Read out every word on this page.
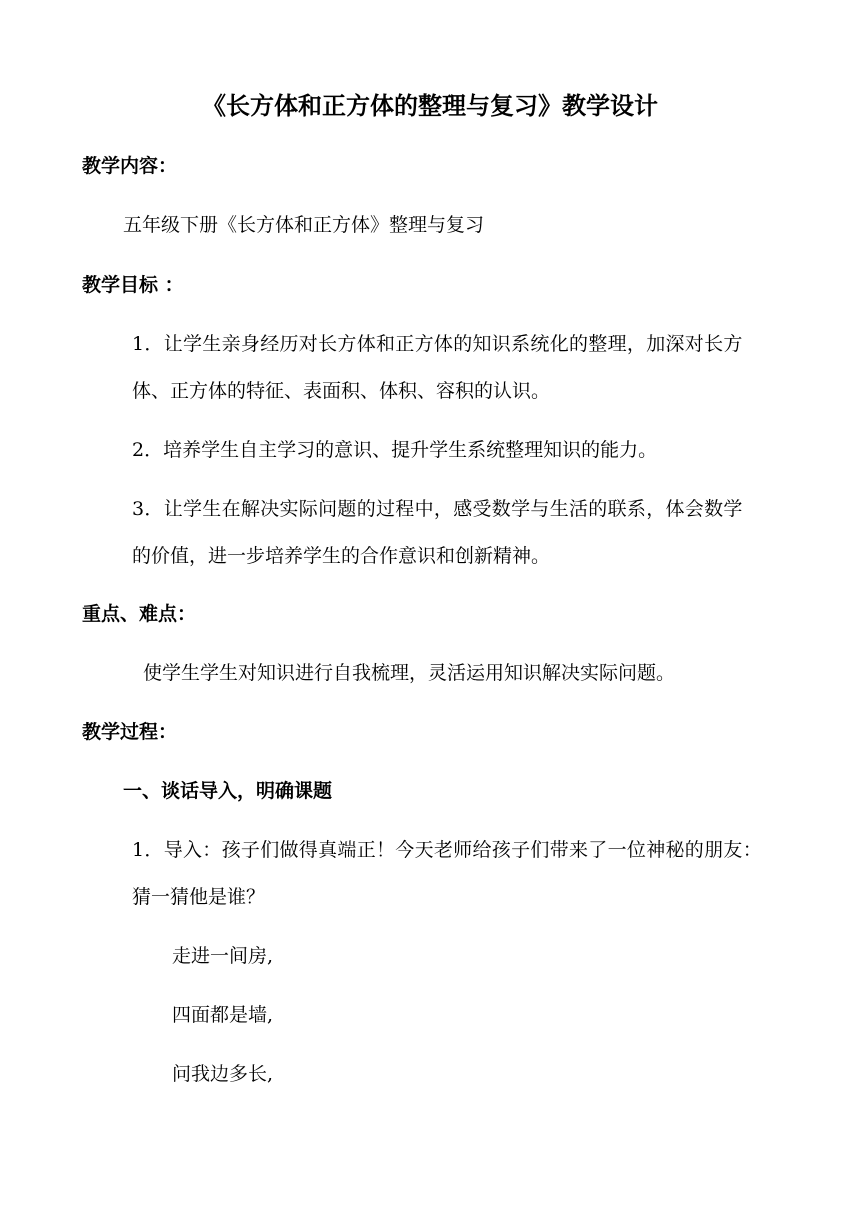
《长方体和正方体的整理与复习》教学设计
教学内容：
五年级下册《长方体和正方体》整理与复习
教学目标 ：
1．让学生亲身经历对长方体和正方体的知识系统化的整理，加深对长方
体、正方体的特征、表面积、体积、容积的认识。
2．培养学生自主学习的意识、提升学生系统整理知识的能力。
3．让学生在解决实际问题的过程中，感受数学与生活的联系，体会数学
的价值，进一步培养学生的合作意识和创新精神。
重点、难点：
使学生学生对知识进行自我梳理，灵活运用知识解决实际问题。
教学过程：
一、谈话导入，明确课题
1．导入：孩子们做得真端正！今天老师给孩子们带来了一位神秘的朋友：
猜一猜他是谁？
走进一间房,
四面都是墙,
问我边多长,
